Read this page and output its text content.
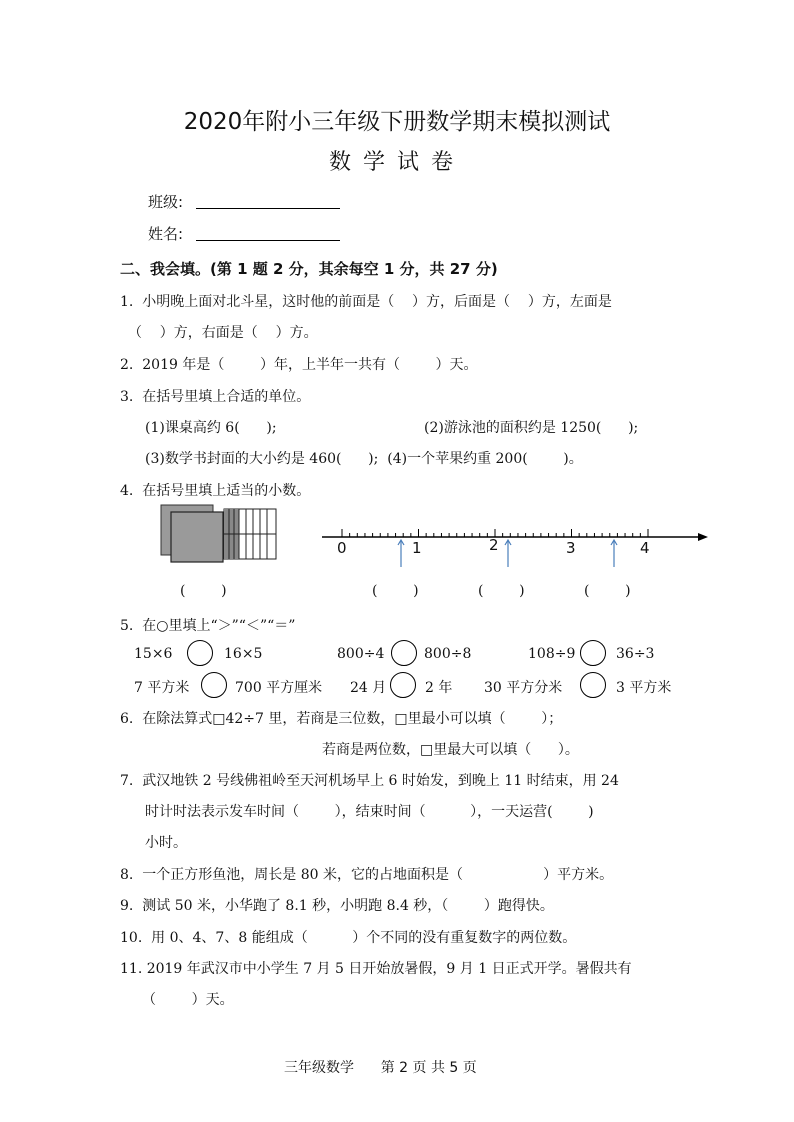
2020年附小三年级下册数学期末模拟测试
数学试卷
班级:
姓名:
二、我会填。(第 1 题 2 分，其余每空 1 分，共 27 分)
1.  小明晚上面对北斗星，这时他的前面是（    ）方，后面是（    ）方，左面是
（    ）方，右面是（    ）方。
2.  2019 年是（        ）年，上半年一共有（        ）天。
3.  在括号里填上合适的单位。
(1)课桌高约 6(      );	(2)游泳池的面积约是 1250(      );
(3)数学书封面的大小约是 460(      );  (4)一个苹果约重 200(        )。
4.  在括号里填上适当的小数。
0	1	2	3	4
(        )	(        )	(        )	(        )
5.  在○里填上“＞”“＜”“＝”
15×6	16×5	800÷4	800÷8	108÷9	36÷3
7 平方米	700 平方厘米 24 月	2 年 30 平方分米	3 平方米
6.  在除法算式□42÷7 里，若商是三位数，□里最小可以填（        ）；
若商是两位数，□里最大可以填（      ）。
7.  武汉地铁 2 号线佛祖岭至天河机场早上 6 时始发，到晚上 11 时结束，用 24
时计时法表示发车时间（        ），结束时间（          ），一天运营(        )
小时。
8.  一个正方形鱼池，周长是 80 米，它的占地面积是（                  ）平方米。
9.  测试 50 米，小华跑了 8.1 秒，小明跑 8.4 秒，（        ）跑得快。
10.  用 0、4、7、8 能组成（          ）个不同的没有重复数字的两位数。
11. 2019 年武汉市中小学生 7 月 5 日开始放暑假，9 月 1 日正式开学。暑假共有
（        ）天。
三年级数学      第 2 页 共 5 页
